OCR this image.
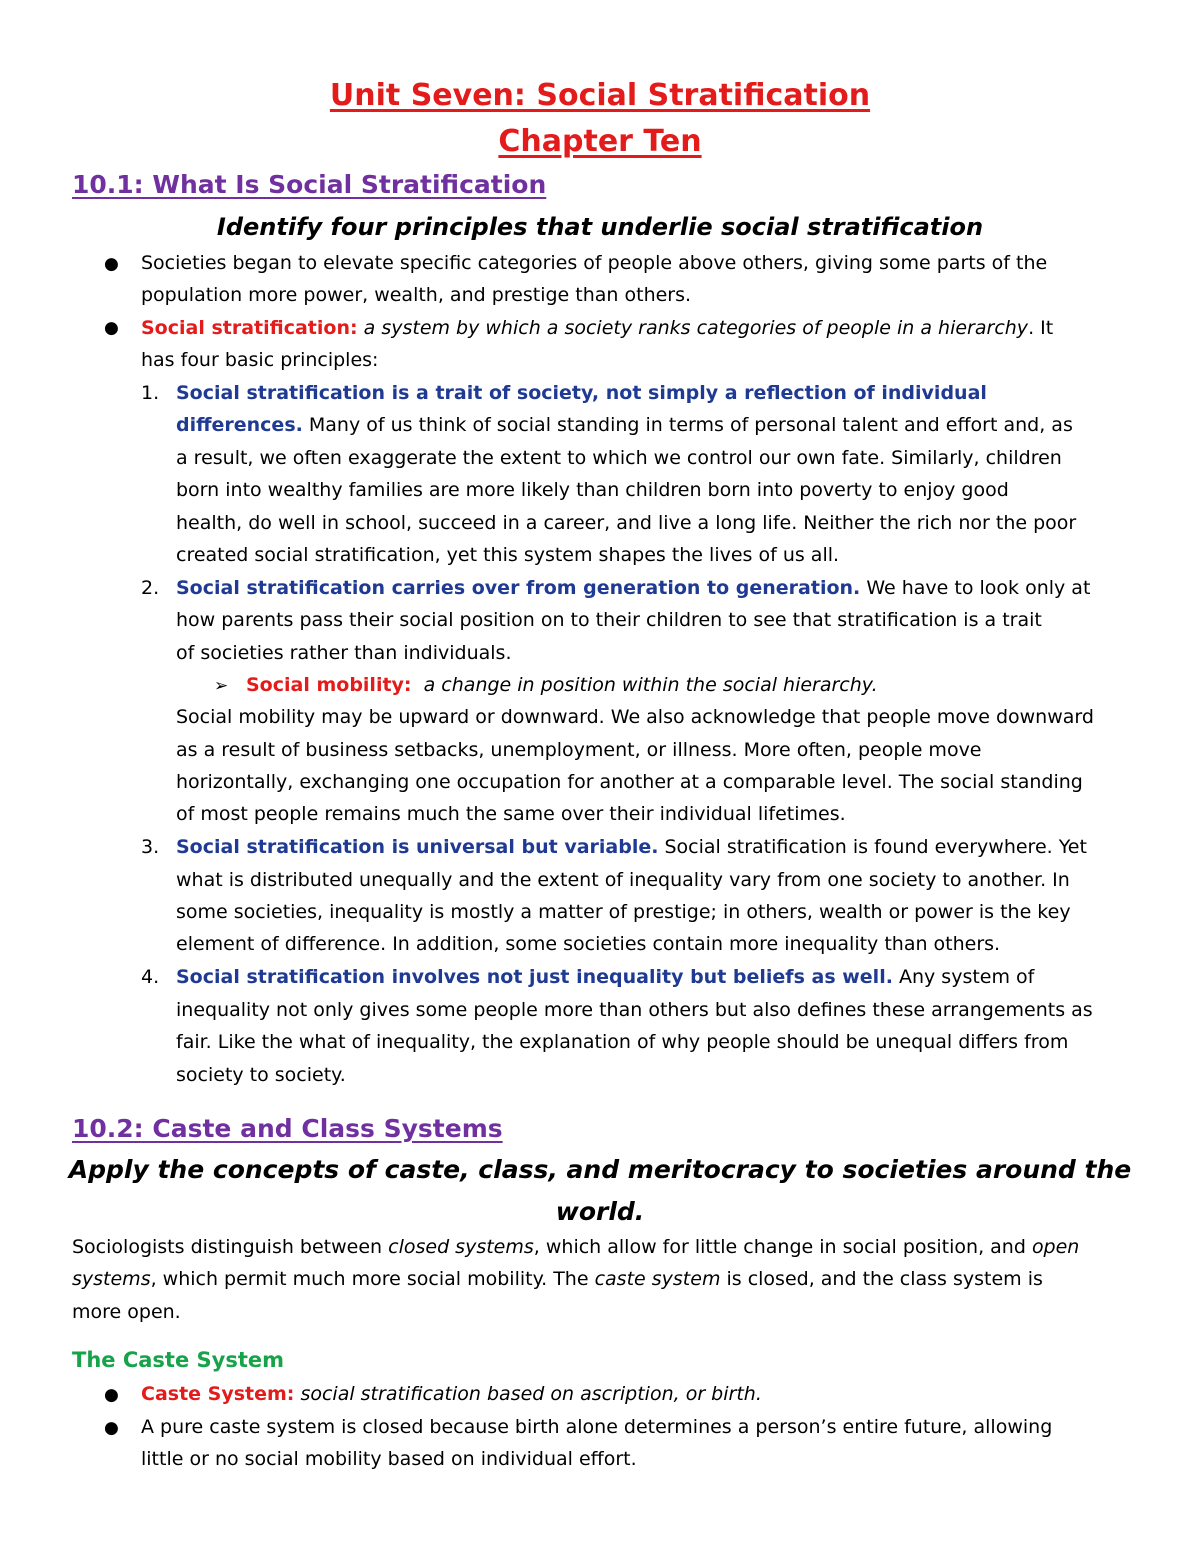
Unit Seven: Social Stratification
Chapter Ten
10.1: What Is Social Stratification
Identify four principles that underlie social stratification
● Societies began to elevate specific categories of people above others, giving some parts of the
population more power, wealth, and prestige than others.
● Social stratification: a system by which a society ranks categories of people in a hierarchy. It
has four basic principles:
1. Social stratification is a trait of society, not simply a reflection of individual
differences. Many of us think of social standing in terms of personal talent and effort and, as
a result, we often exaggerate the extent to which we control our own fate. Similarly, children
born into wealthy families are more likely than children born into poverty to enjoy good
health, do well in school, succeed in a career, and live a long life. Neither the rich nor the poor
created social stratification, yet this system shapes the lives of us all.
2. Social stratification carries over from generation to generation. We have to look only at
how parents pass their social position on to their children to see that stratification is a trait
of societies rather than individuals.
➢ Social mobility: a change in position within the social hierarchy.
Social mobility may be upward or downward. We also acknowledge that people move downward
as a result of business setbacks, unemployment, or illness. More often, people move
horizontally, exchanging one occupation for another at a comparable level. The social standing
of most people remains much the same over their individual lifetimes.
3. Social stratification is universal but variable. Social stratification is found everywhere. Yet
what is distributed unequally and the extent of inequality vary from one society to another. In
some societies, inequality is mostly a matter of prestige; in others, wealth or power is the key
element of difference. In addition, some societies contain more inequality than others.
4. Social stratification involves not just inequality but beliefs as well. Any system of
inequality not only gives some people more than others but also defines these arrangements as
fair. Like the what of inequality, the explanation of why people should be unequal differs from
society to society.
10.2: Caste and Class Systems
Apply the concepts of caste, class, and meritocracy to societies around the
world.
Sociologists distinguish between closed systems, which allow for little change in social position, and open
systems, which permit much more social mobility. The caste system is closed, and the class system is
more open.
The Caste System
● Caste System: social stratification based on ascription, or birth.
● A pure caste system is closed because birth alone determines a person’s entire future, allowing
little or no social mobility based on individual effort.
